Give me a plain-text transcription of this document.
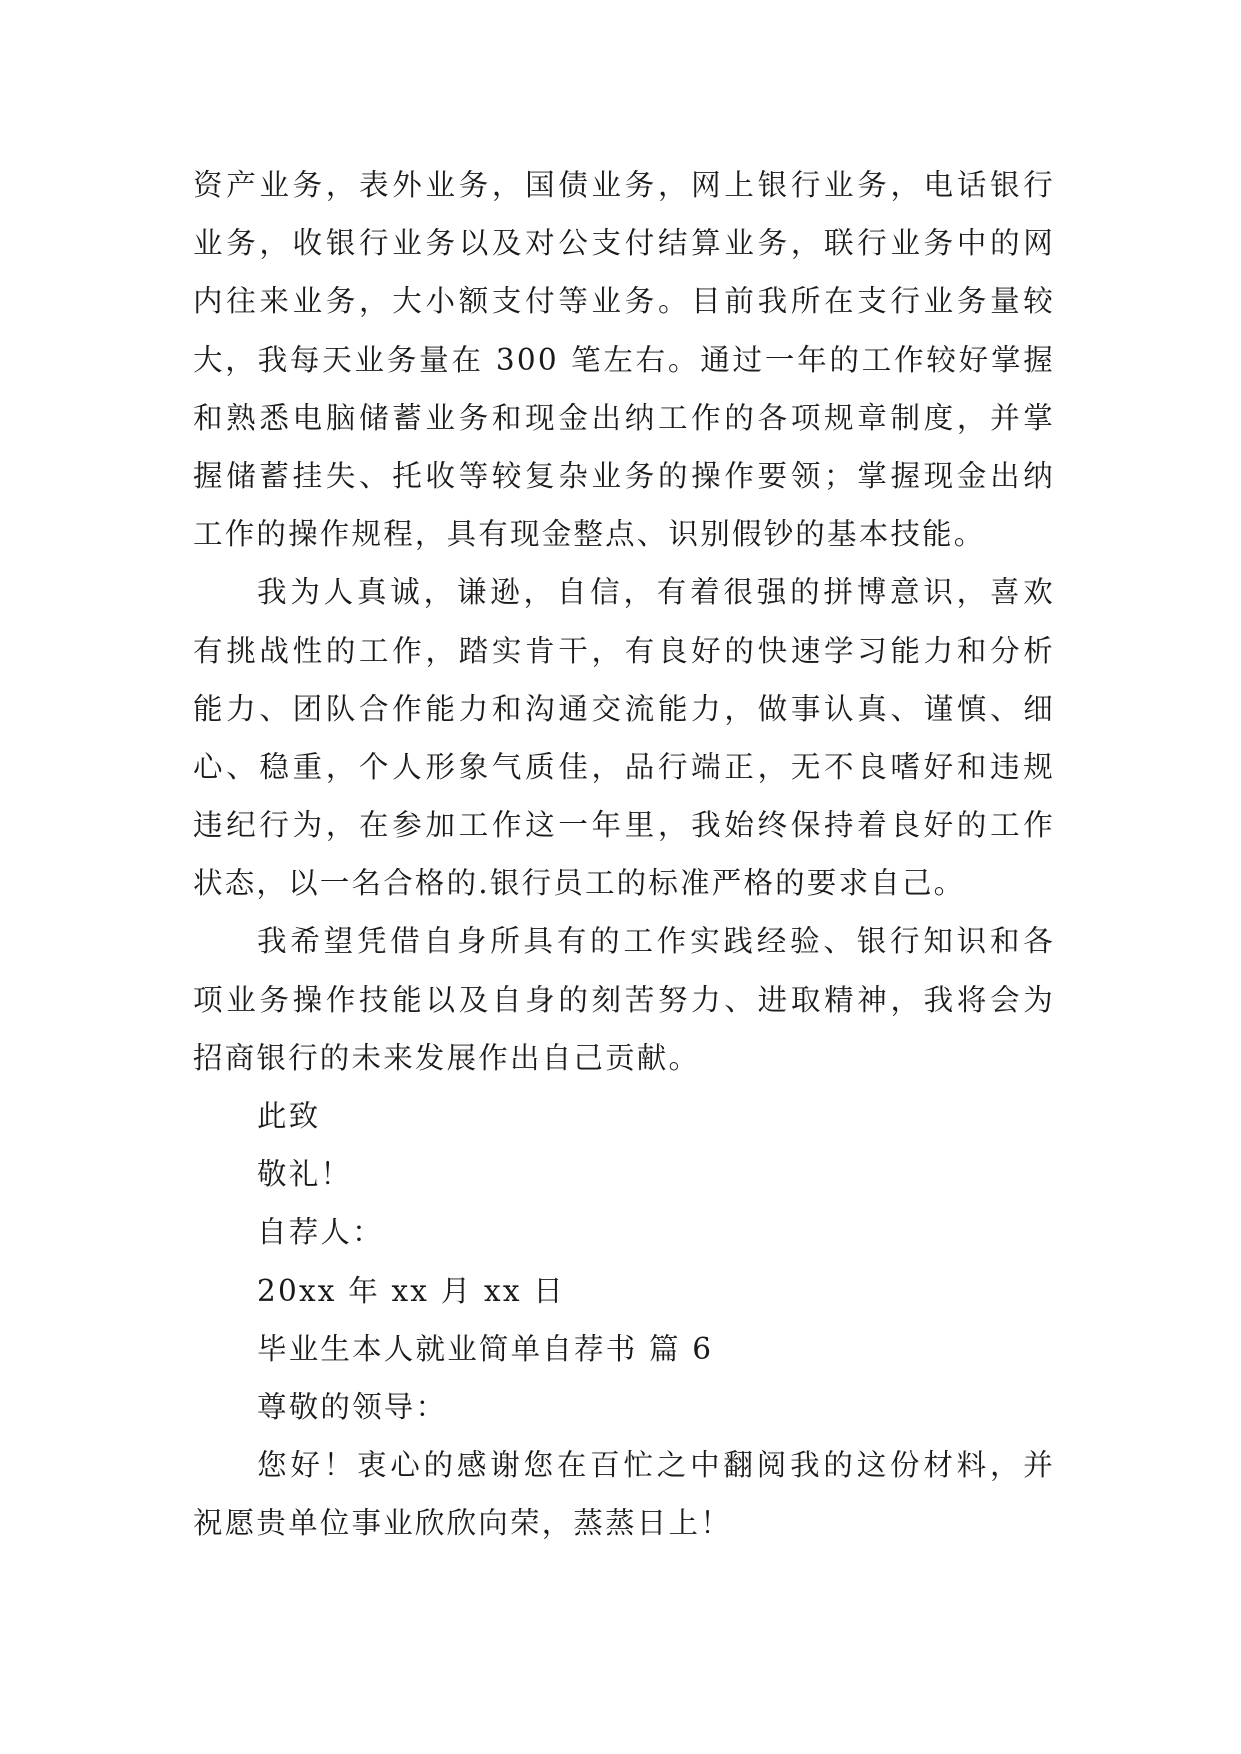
资产业务，表外业务，国债业务，网上银行业务，电话银行
业务，收银行业务以及对公支付结算业务，联行业务中的网
内往来业务，大小额支付等业务。目前我所在支行业务量较
大，我每天业务量在 300 笔左右。通过一年的工作较好掌握
和熟悉电脑储蓄业务和现金出纳工作的各项规章制度，并掌
握储蓄挂失、托收等较复杂业务的操作要领；掌握现金出纳
工作的操作规程，具有现金整点、识别假钞的基本技能。
我为人真诚，谦逊，自信，有着很强的拼博意识，喜欢
有挑战性的工作，踏实肯干，有良好的快速学习能力和分析
能力、团队合作能力和沟通交流能力，做事认真、谨慎、细
心、稳重，个人形象气质佳，品行端正，无不良嗜好和违规
违纪行为，在参加工作这一年里，我始终保持着良好的工作
状态，以一名合格的.银行员工的标准严格的要求自己。
我希望凭借自身所具有的工作实践经验、银行知识和各
项业务操作技能以及自身的刻苦努力、进取精神，我将会为
招商银行的未来发展作出自己贡献。
此致
敬礼！
自荐人：
20xx 年 xx 月 xx 日
毕业生本人就业简单自荐书 篇 6
尊敬的领导：
您好！衷心的感谢您在百忙之中翻阅我的这份材料，并
祝愿贵单位事业欣欣向荣，蒸蒸日上！
